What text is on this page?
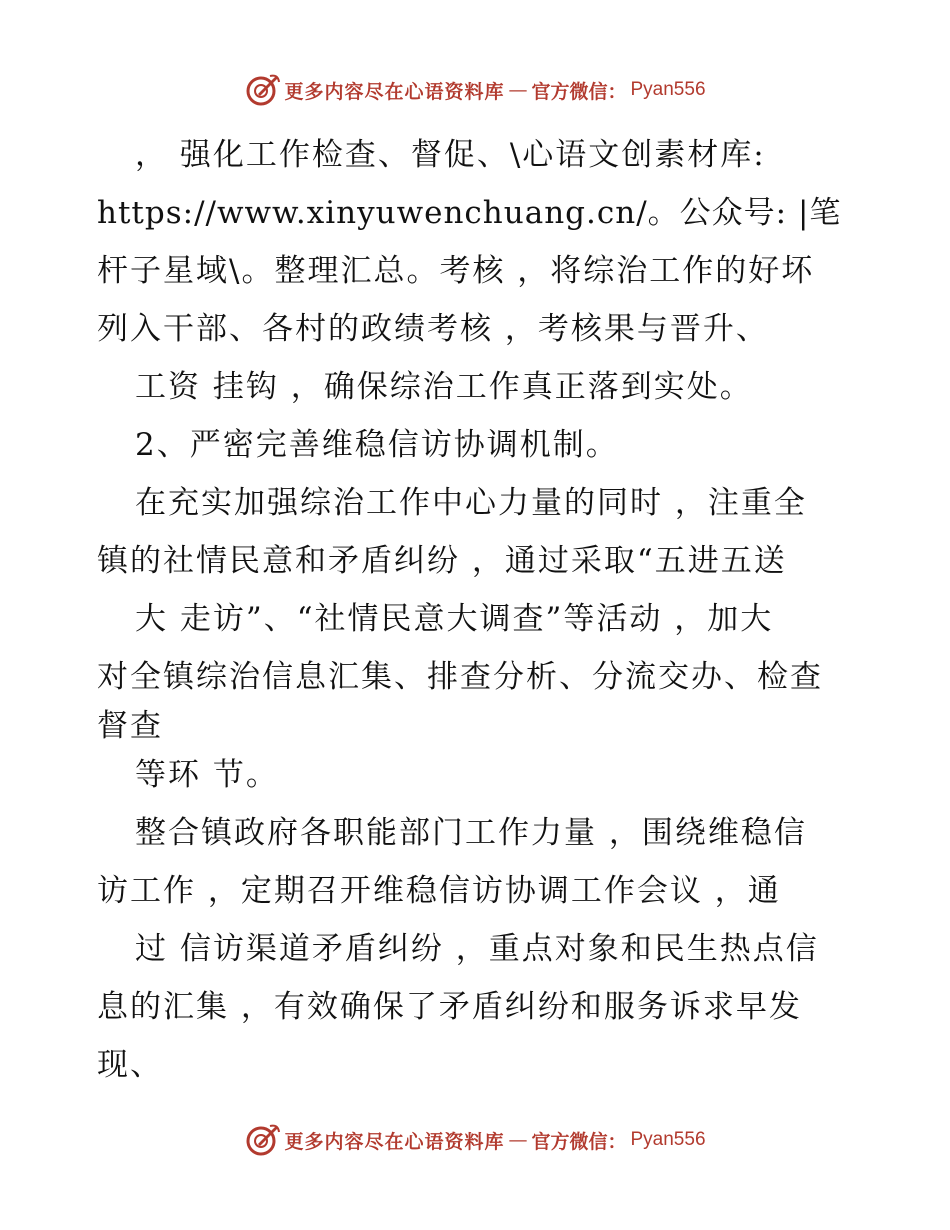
更多内容尽在心语资料库 — 官方微信： Pyan556
， 强化工作检查、督促、\心语文创素材库:
https://www.xinyuwenchuang.cn/。公众号: |笔
杆子星域\。整理汇总。考核 ，将综治工作的好坏
列入干部、各村的政绩考核 ，考核果与晋升、
工资 挂钩 ，确保综治工作真正落到实处。
2、严密完善维稳信访协调机制。
在充实加强综治工作中心力量的同时 ，注重全
镇的社情民意和矛盾纠纷 ，通过采取“五进五送
大 走访”、“社情民意大调查”等活动 ，加大
对全镇综治信息汇集、排查分析、分流交办、检查
督查
等环 节。
整合镇政府各职能部门工作力量 ，围绕维稳信
访工作 ，定期召开维稳信访协调工作会议 ，通
过 信访渠道矛盾纠纷 ，重点对象和民生热点信
息的汇集 ，有效确保了矛盾纠纷和服务诉求早发
现、
更多内容尽在心语资料库 — 官方微信： Pyan556
